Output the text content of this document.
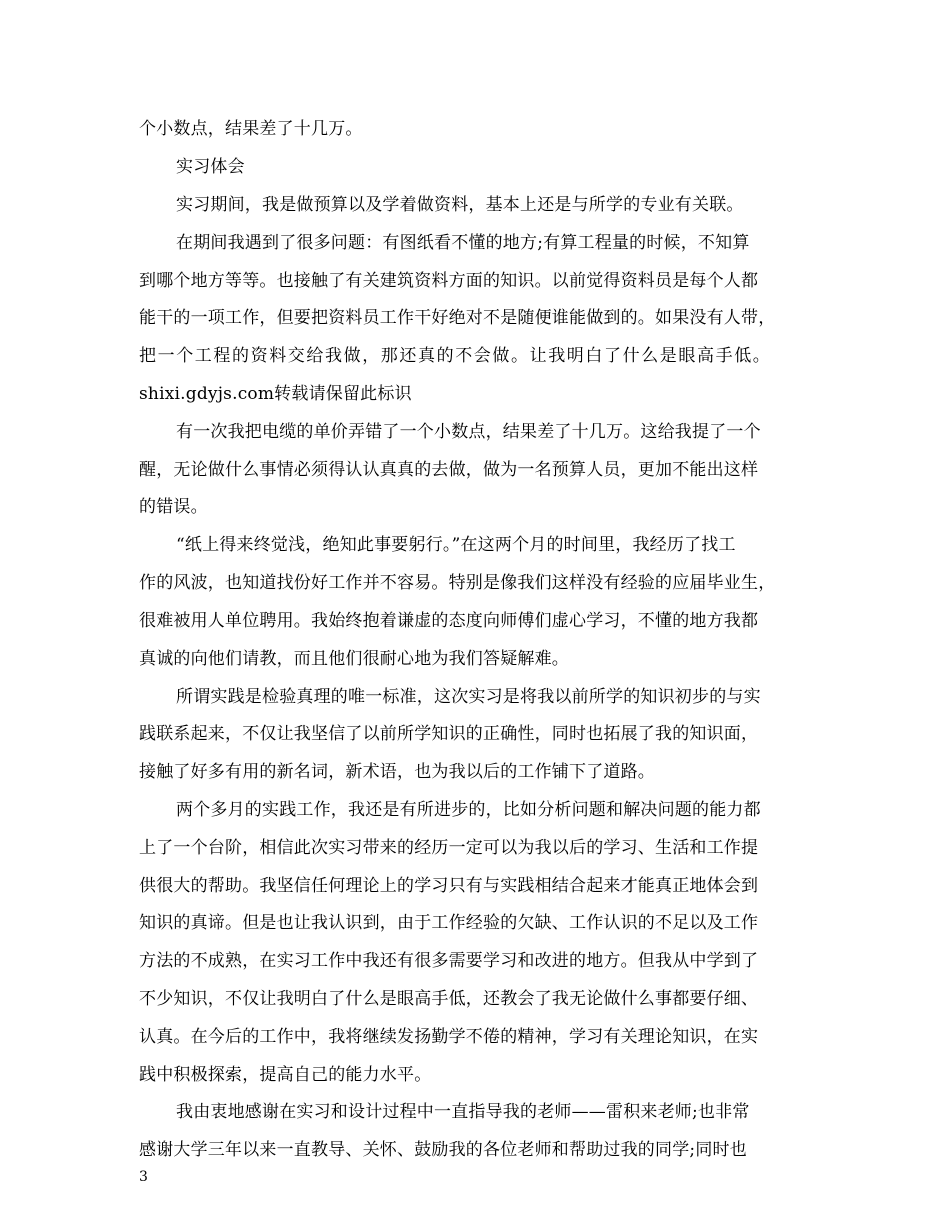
个小数点，结果差了十几万。
实习体会
实习期间，我是做预算以及学着做资料，基本上还是与所学的专业有关联。
在期间我遇到了很多问题：有图纸看不懂的地方;有算工程量的时候，不知算
到哪个地方等等。也接触了有关建筑资料方面的知识。以前觉得资料员是每个人都
能干的一项工作，但要把资料员工作干好绝对不是随便谁能做到的。如果没有人带，
把一个工程的资料交给我做，那还真的不会做。让我明白了什么是眼高手低。
shixi.gdyjs.com转载请保留此标识
有一次我把电缆的单价弄错了一个小数点，结果差了十几万。这给我提了一个
醒，无论做什么事情必须得认认真真的去做，做为一名预算人员，更加不能出这样
的错误。
“纸上得来终觉浅，绝知此事要躬行。”在这两个月的时间里，我经历了找工
作的风波，也知道找份好工作并不容易。特别是像我们这样没有经验的应届毕业生，
很难被用人单位聘用。我始终抱着谦虚的态度向师傅们虚心学习，不懂的地方我都
真诚的向他们请教，而且他们很耐心地为我们答疑解难。
所谓实践是检验真理的唯一标准，这次实习是将我以前所学的知识初步的与实
践联系起来，不仅让我坚信了以前所学知识的正确性，同时也拓展了我的知识面，
接触了好多有用的新名词，新术语，也为我以后的工作铺下了道路。
两个多月的实践工作，我还是有所进步的，比如分析问题和解决问题的能力都
上了一个台阶，相信此次实习带来的经历一定可以为我以后的学习、生活和工作提
供很大的帮助。我坚信任何理论上的学习只有与实践相结合起来才能真正地体会到
知识的真谛。但是也让我认识到，由于工作经验的欠缺、工作认识的不足以及工作
方法的不成熟，在实习工作中我还有很多需要学习和改进的地方。但我从中学到了
不少知识，不仅让我明白了什么是眼高手低，还教会了我无论做什么事都要仔细、
认真。在今后的工作中，我将继续发扬勤学不倦的精神，学习有关理论知识，在实
践中积极探索，提高自己的能力水平。
我由衷地感谢在实习和设计过程中一直指导我的老师——雷积来老师;也非常
感谢大学三年以来一直教导、关怀、鼓励我的各位老师和帮助过我的同学;同时也
3
